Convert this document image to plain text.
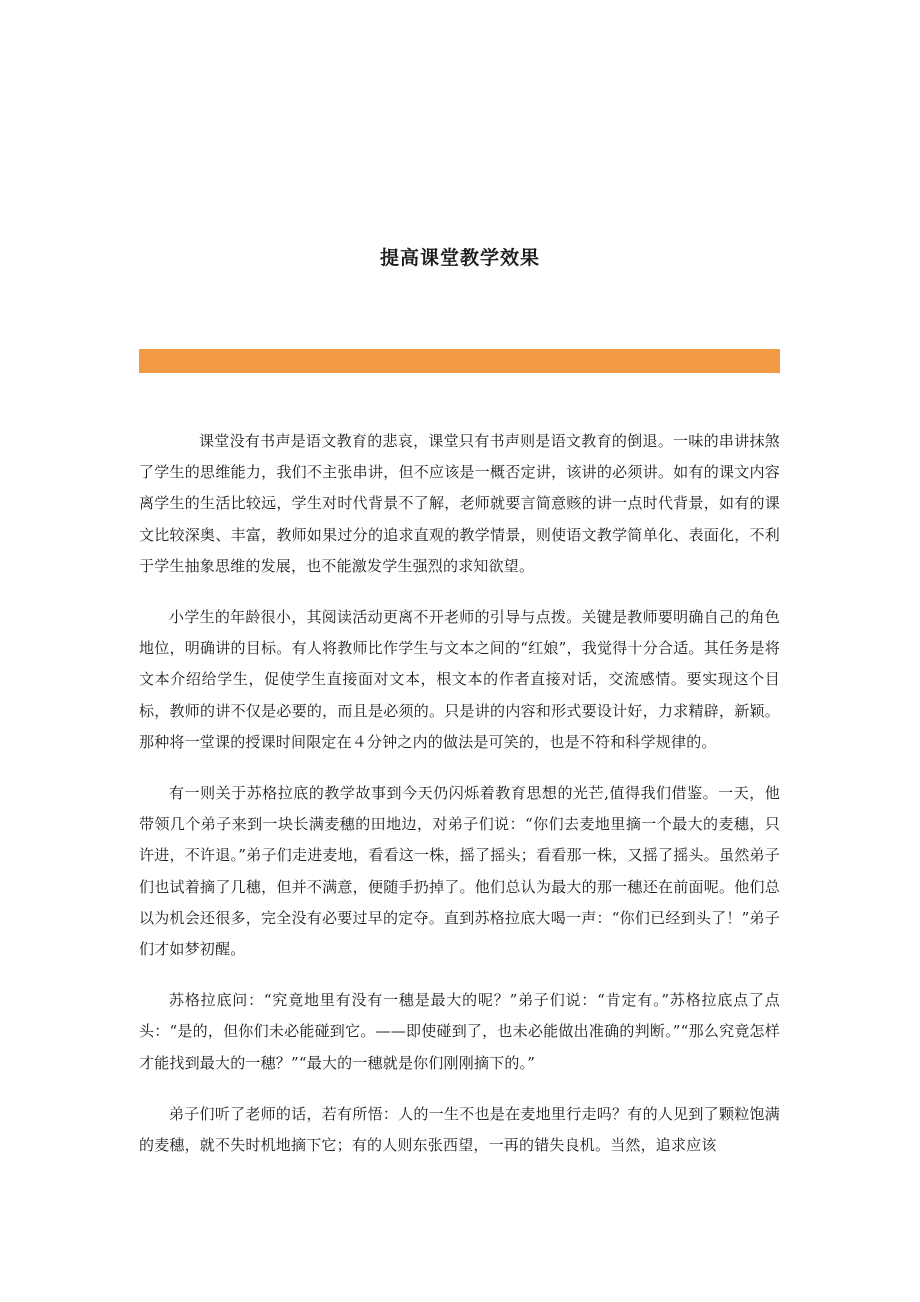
提高课堂教学效果

课堂没有书声是语文教育的悲哀，课堂只有书声则是语文教育的倒退。一味的串讲抹煞了学生的思维能力，我们不主张串讲，但不应该是一概否定讲，该讲的必须讲。如有的课文内容离学生的生活比较远，学生对时代背景不了解，老师就要言简意赅的讲一点时代背景，如有的课文比较深奥、丰富，教师如果过分的追求直观的教学情景，则使语文教学简单化、表面化，不利于学生抽象思维的发展，也不能激发学生强烈的求知欲望。

小学生的年龄很小，其阅读活动更离不开老师的引导与点拨。关键是教师要明确自己的角色地位，明确讲的目标。有人将教师比作学生与文本之间的“红娘”，我觉得十分合适。其任务是将文本介绍给学生，促使学生直接面对文本，根文本的作者直接对话，交流感情。要实现这个目标，教师的讲不仅是必要的，而且是必须的。只是讲的内容和形式要设计好，力求精辟，新颖。那种将一堂课的授课时间限定在４分钟之内的做法是可笑的，也是不符和科学规律的。

有一则关于苏格拉底的教学故事到今天仍闪烁着教育思想的光芒,值得我们借鉴。一天，他带领几个弟子来到一块长满麦穗的田地边，对弟子们说：“你们去麦地里摘一个最大的麦穗，只许进，不许退。”弟子们走进麦地，看看这一株，摇了摇头；看看那一株，又摇了摇头。虽然弟子们也试着摘了几穗，但并不满意，便随手扔掉了。他们总认为最大的那一穗还在前面呢。他们总以为机会还很多，完全没有必要过早的定夺。直到苏格拉底大喝一声：“你们已经到头了！”弟子们才如梦初醒。

苏格拉底问：“究竟地里有没有一穗是最大的呢？”弟子们说：“肯定有。”苏格拉底点了点头：“是的，但你们未必能碰到它。——即使碰到了，也未必能做出准确的判断。”“那么究竟怎样才能找到最大的一穗？”“最大的一穗就是你们刚刚摘下的。”

弟子们听了老师的话，若有所悟：人的一生不也是在麦地里行走吗？有的人见到了颗粒饱满的麦穗，就不失时机地摘下它；有的人则东张西望，一再的错失良机。当然，追求应该
